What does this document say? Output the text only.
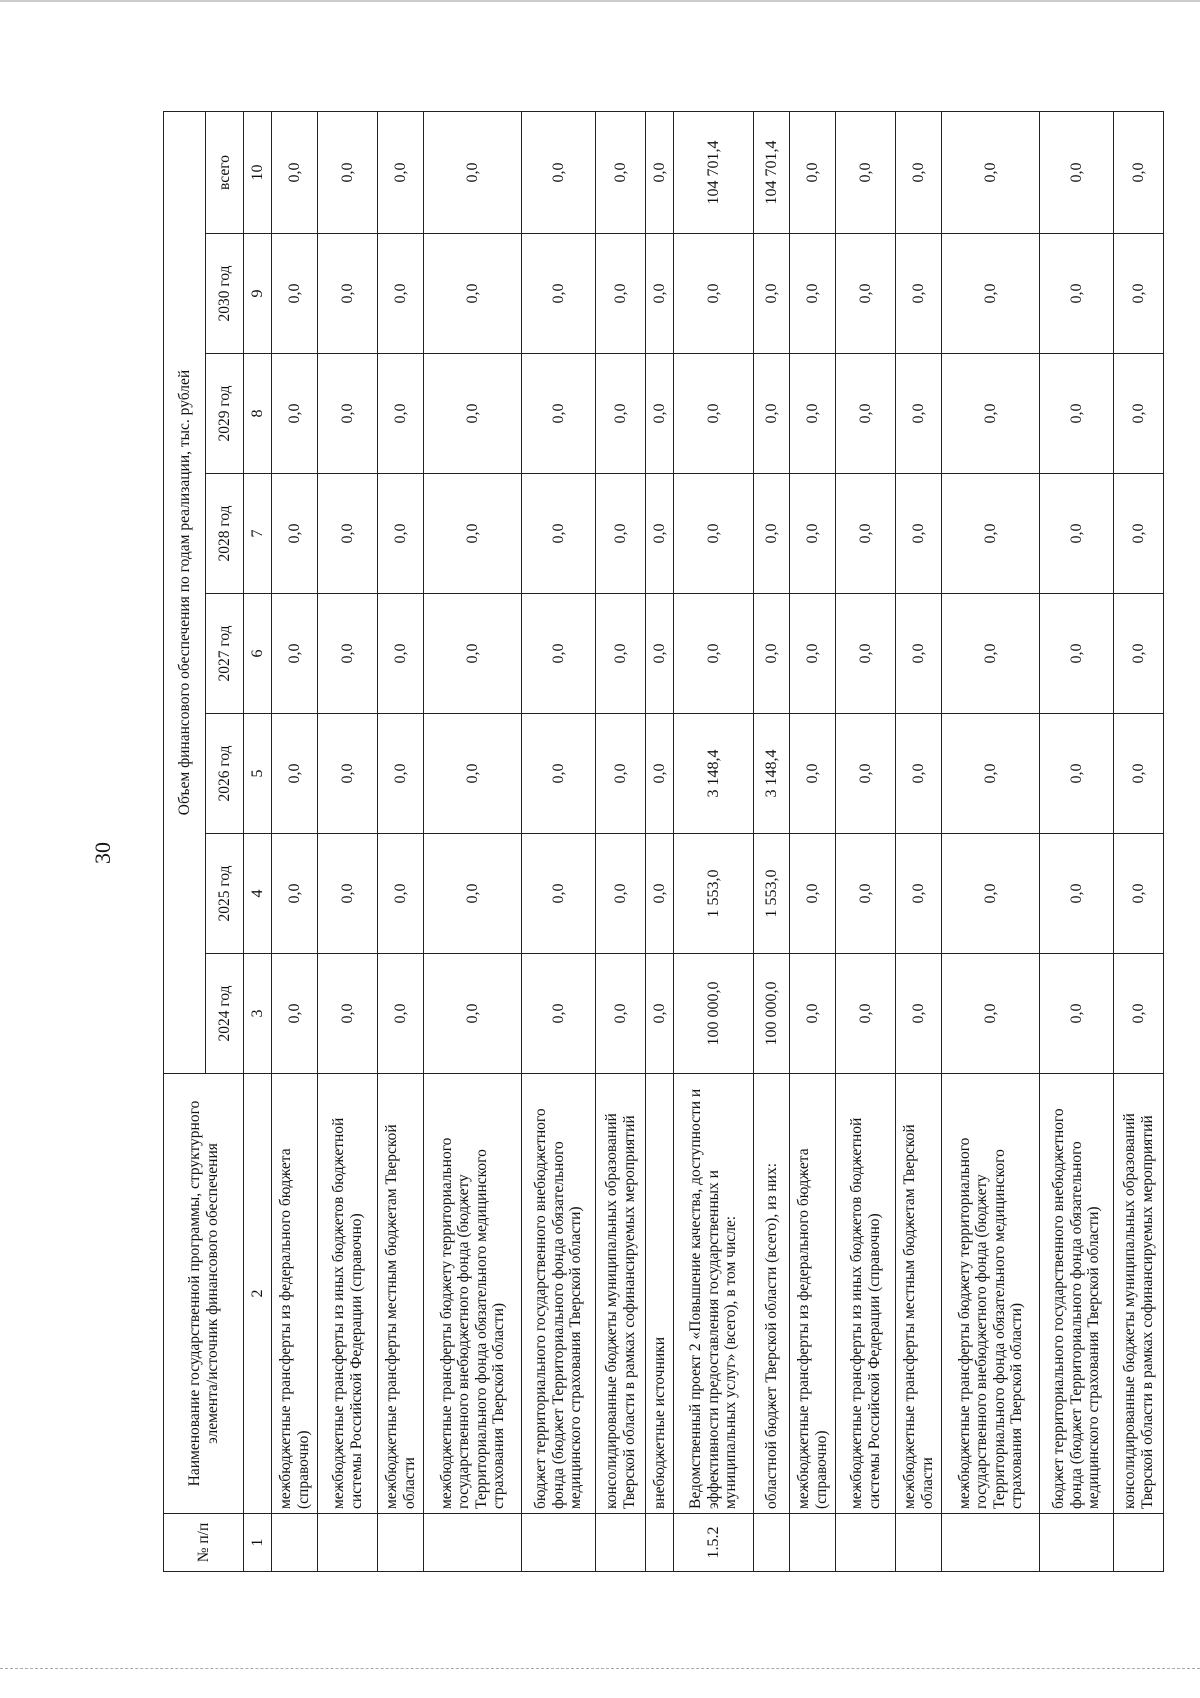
30
№ п/п	Наименование государственной программы, структурного элемента/источник финансового обеспечения	Объем финансового обеспечения по годам реализации, тыс. рублей							
		2024 год	2025 год	2026 год	2027 год	2028 год	2029 год	2030 год	всего
1	2	3	4	5	6	7	8	9	10
	межбюджетные трансферты из федерального бюджета (справочно)	0,0	0,0	0,0	0,0	0,0	0,0	0,0	0,0
	межбюджетные трансферты из иных бюджетов бюджетной системы Российской Федерации (справочно)	0,0	0,0	0,0	0,0	0,0	0,0	0,0	0,0
	межбюджетные трансферты местным бюджетам Тверской области	0,0	0,0	0,0	0,0	0,0	0,0	0,0	0,0
	межбюджетные трансферты бюджету территориального государственного внебюджетного фонда (бюджету Территориального фонда обязательного медицинского страхования Тверской области)	0,0	0,0	0,0	0,0	0,0	0,0	0,0	0,0
	бюджет территориального государственного внебюджетного фонда (бюджет Территориального фонда обязательного медицинского страхования Тверской области)	0,0	0,0	0,0	0,0	0,0	0,0	0,0	0,0
	консолидированные бюджеты муниципальных образований Тверской области в рамках софинансируемых мероприятий	0,0	0,0	0,0	0,0	0,0	0,0	0,0	0,0
	внебюджетные источники	0,0	0,0	0,0	0,0	0,0	0,0	0,0	0,0
1.5.2	Ведомственный проект 2 «Повышение качества, доступности и эффективности предоставления государственных и муниципальных услуг» (всего), в том числе:	100 000,0	1 553,0	3 148,4	0,0	0,0	0,0	0,0	104 701,4
	областной бюджет Тверской области (всего), из них:	100 000,0	1 553,0	3 148,4	0,0	0,0	0,0	0,0	104 701,4
	межбюджетные трансферты из федерального бюджета (справочно)	0,0	0,0	0,0	0,0	0,0	0,0	0,0	0,0
	межбюджетные трансферты из иных бюджетов бюджетной системы Российской Федерации (справочно)	0,0	0,0	0,0	0,0	0,0	0,0	0,0	0,0
	межбюджетные трансферты местным бюджетам Тверской области	0,0	0,0	0,0	0,0	0,0	0,0	0,0	0,0
	межбюджетные трансферты бюджету территориального государственного внебюджетного фонда (бюджету Территориального фонда обязательного медицинского страхования Тверской области)	0,0	0,0	0,0	0,0	0,0	0,0	0,0	0,0
	бюджет территориального государственного внебюджетного фонда (бюджет Территориального фонда обязательного медицинского страхования Тверской области)	0,0	0,0	0,0	0,0	0,0	0,0	0,0	0,0
	консолидированные бюджеты муниципальных образований Тверской области в рамках софинансируемых мероприятий	0,0	0,0	0,0	0,0	0,0	0,0	0,0	0,0
